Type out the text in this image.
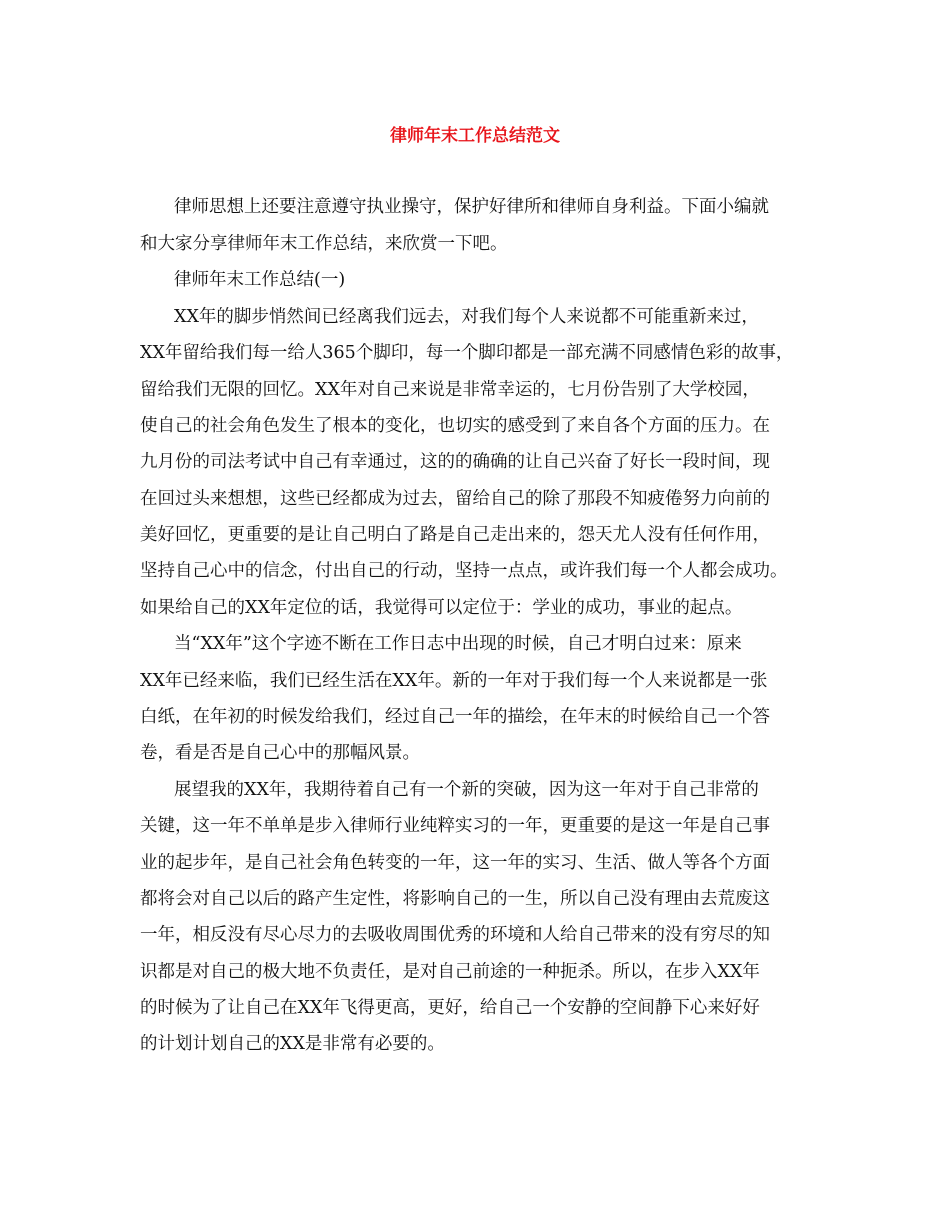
律师年末工作总结范文
律师思想上还要注意遵守执业操守，保护好律所和律师自身利益。下面小编就
和大家分享律师年末工作总结，来欣赏一下吧。
律师年末工作总结(一)
XX年的脚步悄然间已经离我们远去，对我们每个人来说都不可能重新来过，
XX年留给我们每一给人365个脚印，每一个脚印都是一部充满不同感情色彩的故事，
留给我们无限的回忆。XX年对自己来说是非常幸运的，七月份告别了大学校园，
使自己的社会角色发生了根本的变化，也切实的感受到了来自各个方面的压力。在
九月份的司法考试中自己有幸通过，这的的确确的让自己兴奋了好长一段时间，现
在回过头来想想，这些已经都成为过去，留给自己的除了那段不知疲倦努力向前的
美好回忆，更重要的是让自己明白了路是自己走出来的，怨天尤人没有任何作用，
坚持自己心中的信念，付出自己的行动，坚持一点点，或许我们每一个人都会成功。
如果给自己的XX年定位的话，我觉得可以定位于：学业的成功，事业的起点。
当“XX年”这个字迹不断在工作日志中出现的时候，自己才明白过来：原来
XX年已经来临，我们已经生活在XX年。新的一年对于我们每一个人来说都是一张
白纸，在年初的时候发给我们，经过自己一年的描绘，在年末的时候给自己一个答
卷，看是否是自己心中的那幅风景。
展望我的XX年，我期待着自己有一个新的突破，因为这一年对于自己非常的
关键，这一年不单单是步入律师行业纯粹实习的一年，更重要的是这一年是自己事
业的起步年，是自己社会角色转变的一年，这一年的实习、生活、做人等各个方面
都将会对自己以后的路产生定性，将影响自己的一生，所以自己没有理由去荒废这
一年，相反没有尽心尽力的去吸收周围优秀的环境和人给自己带来的没有穷尽的知
识都是对自己的极大地不负责任，是对自己前途的一种扼杀。所以，在步入XX年
的时候为了让自己在XX年飞得更高，更好，给自己一个安静的空间静下心来好好
的计划计划自己的XX是非常有必要的。
